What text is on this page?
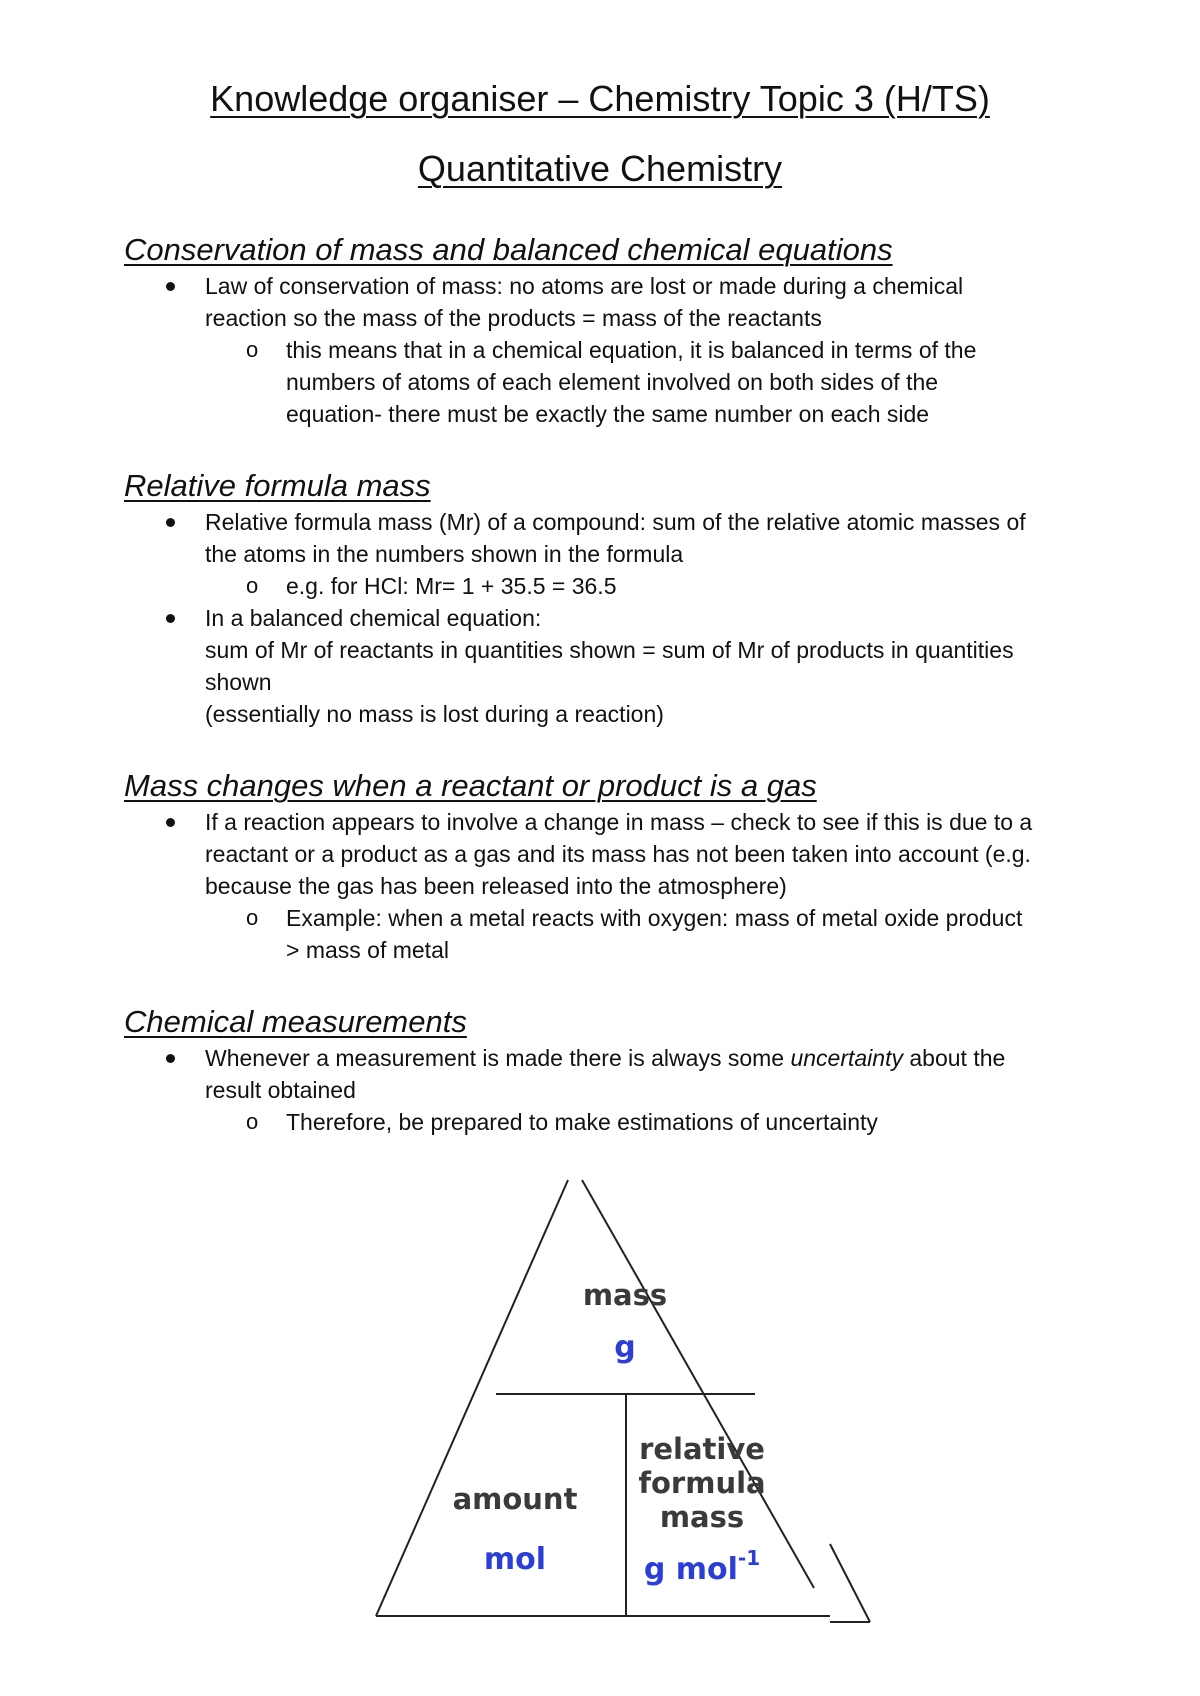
Knowledge organiser – Chemistry Topic 3 (H/TS)
Quantitative Chemistry
Conservation of mass and balanced chemical equations
Law of conservation of mass: no atoms are lost or made during a chemical
reaction so the mass of the products = mass of the reactants
o this means that in a chemical equation, it is balanced in terms of the
numbers of atoms of each element involved on both sides of the
equation- there must be exactly the same number on each side
Relative formula mass
Relative formula mass (Mr) of a compound: sum of the relative atomic masses of
the atoms in the numbers shown in the formula
o e.g. for HCl: Mr= 1 + 35.5 = 36.5
In a balanced chemical equation:
sum of Mr of reactants in quantities shown = sum of Mr of products in quantities
shown
(essentially no mass is lost during a reaction)
Mass changes when a reactant or product is a gas
If a reaction appears to involve a change in mass – check to see if this is due to a
reactant or a product as a gas and its mass has not been taken into account (e.g.
because the gas has been released into the atmosphere)
o Example: when a metal reacts with oxygen: mass of metal oxide product
> mass of metal
Chemical measurements
Whenever a measurement is made there is always some uncertainty about the
result obtained
o Therefore, be prepared to make estimations of uncertainty
mass
g
amount
mol
relative
formula
mass
g mol$^{-1}$
